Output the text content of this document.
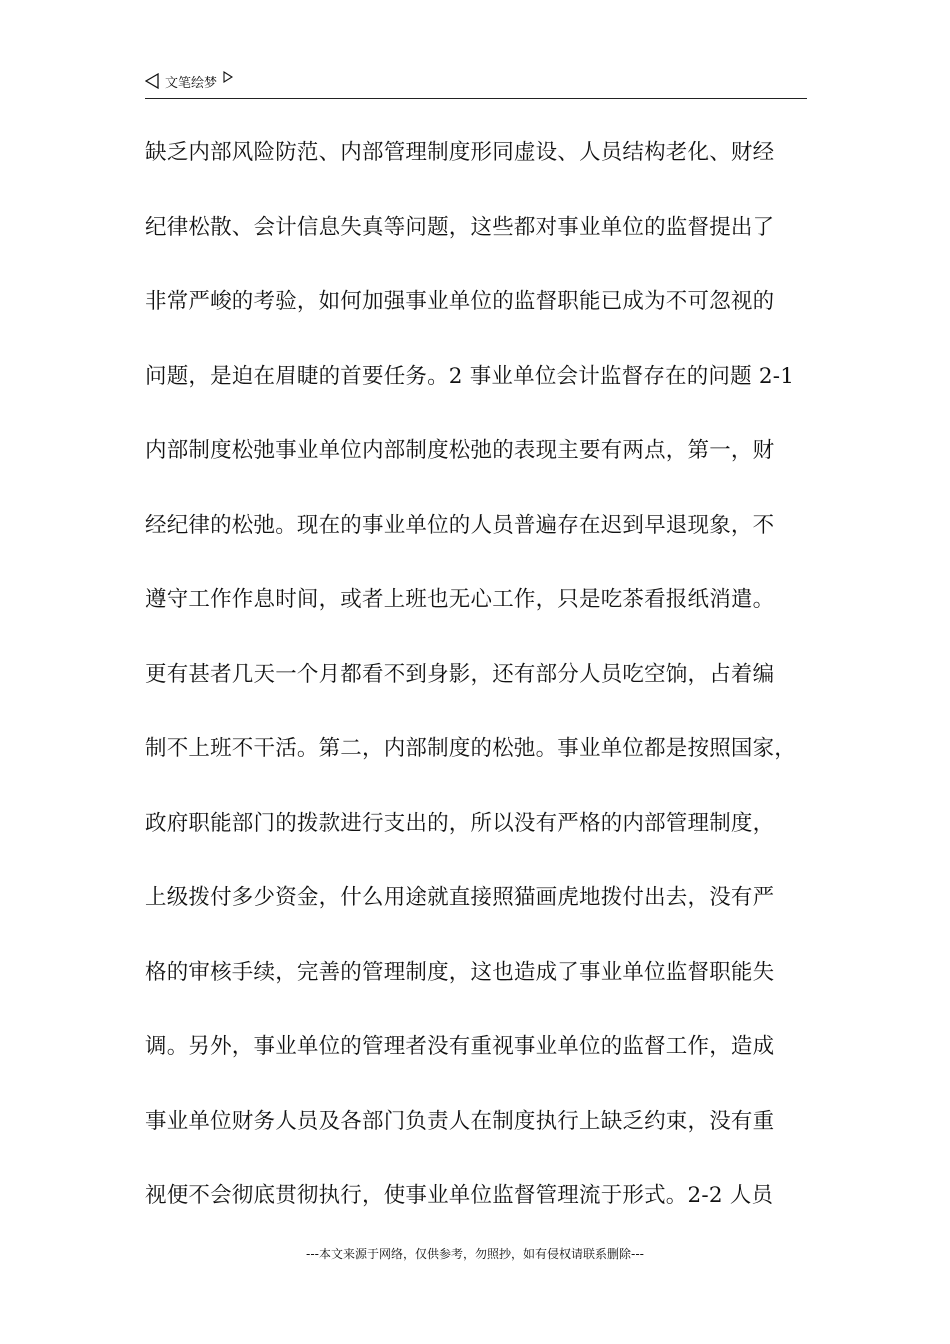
文笔绘梦
缺乏内部风险防范、内部管理制度形同虚设、人员结构老化、财经
纪律松散、会计信息失真等问题，这些都对事业单位的监督提出了
非常严峻的考验，如何加强事业单位的监督职能已成为不可忽视的
问题，是迫在眉睫的首要任务。2 事业单位会计监督存在的问题 2-1
内部制度松弛事业单位内部制度松弛的表现主要有两点，第一，财
经纪律的松弛。现在的事业单位的人员普遍存在迟到早退现象，不
遵守工作作息时间，或者上班也无心工作，只是吃茶看报纸消遣。
更有甚者几天一个月都看不到身影，还有部分人员吃空饷，占着编
制不上班不干活。第二，内部制度的松弛。事业单位都是按照国家，
政府职能部门的拨款进行支出的，所以没有严格的内部管理制度，
上级拨付多少资金，什么用途就直接照猫画虎地拨付出去，没有严
格的审核手续，完善的管理制度，这也造成了事业单位监督职能失
调。另外，事业单位的管理者没有重视事业单位的监督工作，造成
事业单位财务人员及各部门负责人在制度执行上缺乏约束，没有重
视便不会彻底贯彻执行，使事业单位监督管理流于形式。2-2 人员
---本文来源于网络，仅供参考，勿照抄，如有侵权请联系删除---
